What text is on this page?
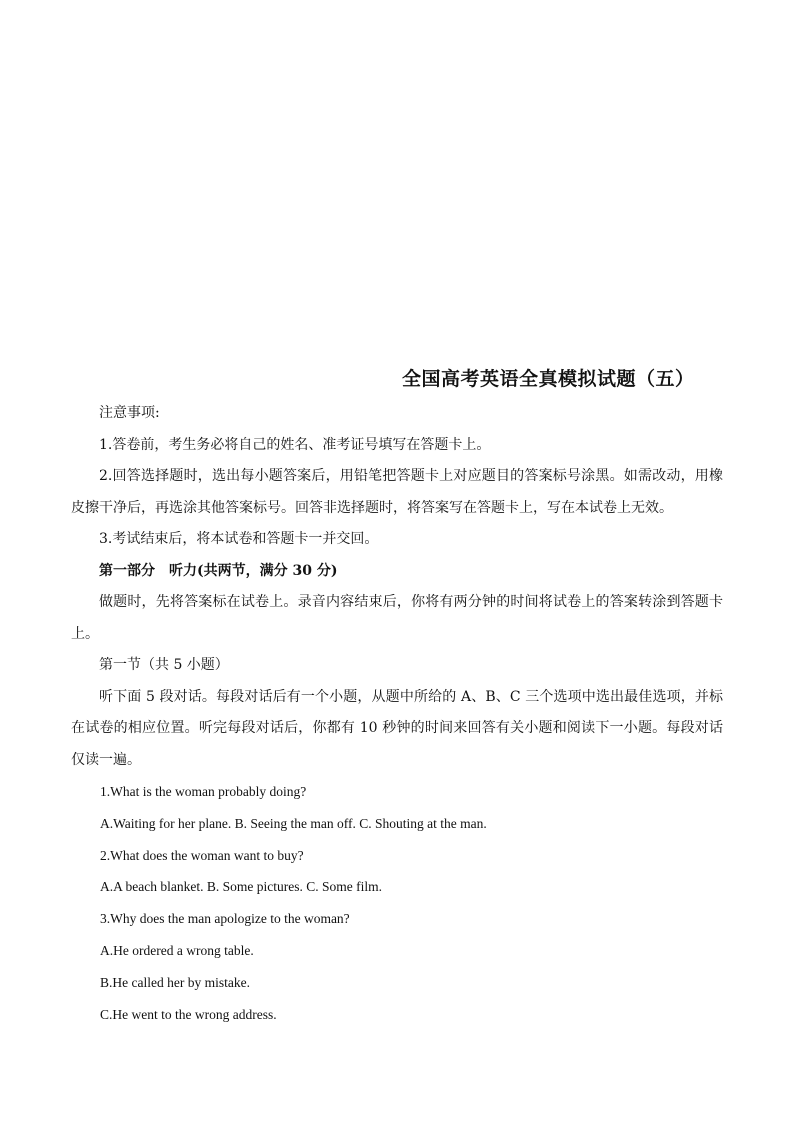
全国高考英语全真模拟试题（五）

注意事项:

1.答卷前，考生务必将自己的姓名、准考证号填写在答题卡上。

2.回答选择题时，选出每小题答案后，用铅笔把答题卡上对应题目的答案标号涂黑。如需改动，用橡皮擦干净后，再选涂其他答案标号。回答非选择题时，将答案写在答题卡上，写在本试卷上无效。

3.考试结束后，将本试卷和答题卡一并交回。

第一部分　听力(共两节，满分 30 分)

做题时，先将答案标在试卷上。录音内容结束后，你将有两分钟的时间将试卷上的答案转涂到答题卡上。

第一节（共 5 小题）

听下面 5 段对话。每段对话后有一个小题，从题中所给的 A、B、C 三个选项中选出最佳选项，并标在试卷的相应位置。听完每段对话后，你都有 10 秒钟的时间来回答有关小题和阅读下一小题。每段对话仅读一遍。

1.What is the woman probably doing?

A.Waiting for her plane. B. Seeing the man off. C. Shouting at the man.

2.What does the woman want to buy?

A.A beach blanket. B. Some pictures. C. Some film.

3.Why does the man apologize to the woman?

A.He ordered a wrong table.

B.He called her by mistake.

C.He went to the wrong address.
